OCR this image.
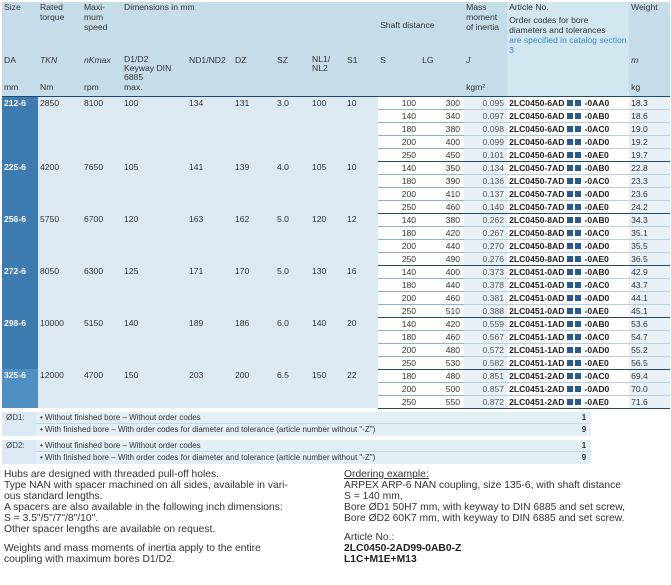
Size	Rated torque	Maxi-mum speed	Dimensions in mm						Shaft distance		Mass moment of inertia	Article No.
Order codes for bore diameters and tolerances
are specified in catalog section 3	Weight
DA	TKN	nKmax	D1/D2
Keyway DIN 6885	ND1/ND2	DZ	SZ	NL1/ NL2	S1	S	LG	J		m
mm	Nm	rpm	max.								kgm²		kg
212-6	2850	8100	100	134	131	3.0	100	10	100	300	0.095	2LC0450-6AD -0AA0	18.3
									140	340	0.097	2LC0450-6AD -0AB0	18.6
									180	380	0.098	2LC0450-6AD -0AC0	19.0
									200	400	0.099	2LC0450-6AD -0AD0	19.2
									250	450	0.101	2LC0450-6AD -0AE0	19.7
225-6	4200	7650	105	141	139	4.0	105	10	140	350	0.134	2LC0450-7AD -0AB0	22.8
									180	390	0.136	2LC0450-7AD -0AC0	23.3
									200	410	0.137	2LC0450-7AD -0AD0	23.6
									250	460	0.140	2LC0450-7AD -0AE0	24.2
256-6	5750	6700	120	163	162	5.0	120	12	140	380	0.262	2LC0450-8AD -0AB0	34.3
									180	420	0.267	2LC0450-8AD -0AC0	35.1
									200	440	0.270	2LC0450-8AD -0AD0	35.5
									250	490	0.276	2LC0450-8AD -0AE0	36.5
272-6	8050	6300	125	171	170	5.0	130	16	140	400	0.373	2LC0451-0AD -0AB0	42.9
									180	440	0.378	2LC0451-0AD -0AC0	43.7
									200	460	0.381	2LC0451-0AD -0AD0	44.1
									250	510	0.388	2LC0451-0AD -0AE0	45.1
298-6	10000	5150	140	189	186	6.0	140	20	140	420	0.559	2LC0451-1AD -0AB0	53.6
									180	460	0.567	2LC0451-1AD -0AC0	54.7
									200	480	0.572	2LC0451-1AD -0AD0	55.2
									250	530	0.582	2LC0451-1AD -0AE0	56.5
325-6	12000	4700	150	203	200	6.5	150	22	180	480	0.851	2LC0451-2AD -0AC0	69.4
									200	500	0.857	2LC0451-2AD -0AD0	70.0
									250	550	0.872	2LC0451-2AD -0AE0	71.6
ØD1:	• Without finished bore – Without order codes	1
• With finished bore – With order codes for diameter and tolerance (article number without "-Z")	9
ØD2:	• Without finished bore – Without order codes	1
• With finished bore – With order codes for diameter and tolerance (article number without "-Z")	9

Hubs are designed with threaded pull-off holes.

Type NAN with spacer machined on all sides, available in vari-

ous standard lengths.

A spacers are also available in the following inch dimensions:

S = 3.5"/5"/7"/8"/10".

Other spacer lengths are available on request.

Weights and mass moments of inertia apply to the entire

coupling with maximum bores D1/D2.

Ordering example:

ARPEX ARP-6 NAN coupling, size 135-6, with shaft distance

S = 140 mm,

Bore ØD1 50H7 mm, with keyway to DIN 6885 and set screw,

Bore ØD2 60K7 mm, with keyway to DIN 6885 and set screw.

Article No.:

2LC0450-2AD99-0AB0-Z

L1C+M1E+M13
